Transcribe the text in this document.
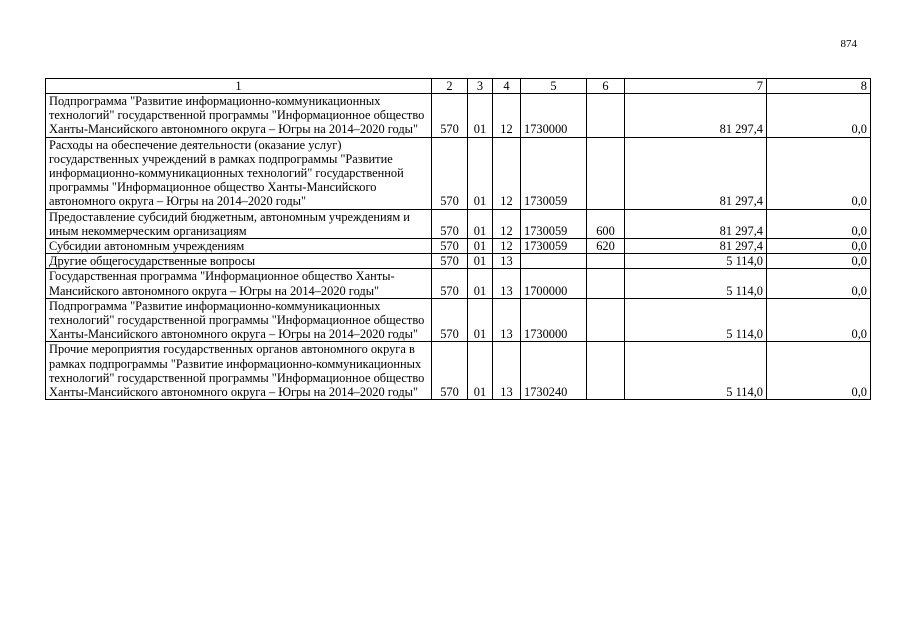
874
1	2	3	4	5	6	7	8
Подпрограмма "Развитие информационно-коммуникационных технологий" государственной программы "Информационное общество Ханты-Мансийского автономного округа – Югры на 2014–2020 годы"	570	01	12	1730000		81 297,4	0,0
Расходы на обеспечение деятельности (оказание услуг) государственных учреждений в рамках подпрограммы "Развитие информационно-коммуникационных технологий" государственной программы "Информационное общество Ханты-Мансийского автономного округа – Югры на 2014–2020 годы"	570	01	12	1730059		81 297,4	0,0
Предоставление субсидий бюджетным, автономным учреждениям и иным некоммерческим организациям	570	01	12	1730059	600	81 297,4	0,0
Субсидии автономным учреждениям	570	01	12	1730059	620	81 297,4	0,0
Другие общегосударственные вопросы	570	01	13			5 114,0	0,0
Государственная программа "Информационное общество Ханты-Мансийского автономного округа – Югры на 2014–2020 годы"	570	01	13	1700000		5 114,0	0,0
Подпрограмма "Развитие информационно-коммуникационных технологий" государственной программы "Информационное общество Ханты-Мансийского автономного округа – Югры на 2014–2020 годы"	570	01	13	1730000		5 114,0	0,0
Прочие мероприятия государственных органов автономного округа в рамках подпрограммы "Развитие информационно-коммуникационных технологий" государственной программы "Информационное общество Ханты-Мансийского автономного округа – Югры на 2014–2020 годы"	570	01	13	1730240		5 114,0	0,0
